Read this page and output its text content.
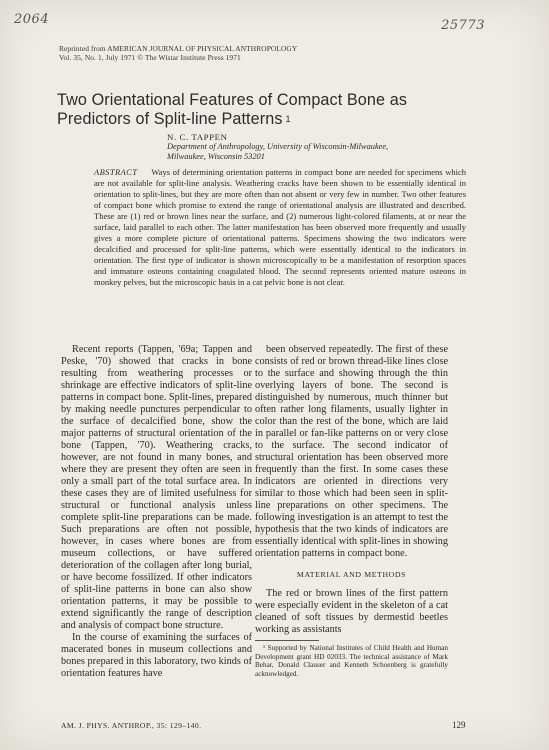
2064	25773
Reprinted from AMERICAN JOURNAL OF PHYSICAL ANTHROPOLOGY
Vol. 35, No. 1, July 1971 © The Wistar Institute Press 1971
Two Orientational Features of Compact Bone as
Predictors of Split-line Patterns $^1$
N. C. TAPPEN
Department of Anthropology, University of Wisconsin-Milwaukee,
Milwaukee, Wisconsin 53201

ABSTRACT Ways of determining orientation patterns in compact bone are needed for specimens which are not available for split-line analysis. Weathering cracks have been shown to be essentially identical in orientation to split-lines, but they are more often than not absent or very few in number. Two other features of compact bone which promise to extend the range of orientational analysis are illustrated and described. These are (1) red or brown lines near the surface, and (2) numerous light-colored filaments, at or near the surface, laid parallel to each other. The latter manifestation has been observed more frequently and usually gives a more complete picture of orientational patterns. Specimens showing the two indicators were decalcified and processed for split-line patterns, which were essentially identical to the indicators in orientation. The first type of indicator is shown microscopically to be a manifestation of resorption spaces and immature osteons containing coagulated blood. The second represents oriented mature osteons in monkey pelves, but the microscopic basis in a cat pelvic bone is not clear.

Recent reports (Tappen, '69a; Tappen and Peske, '70) showed that cracks in bone resulting from weathering processes or shrinkage are effective indicators of split-line patterns in compact bone. Split-lines, prepared by making needle punctures perpendicular to the surface of decalcified bone, show the major patterns of structural orientation of the bone (Tappen, '70). Weathering cracks, however, are not found in many bones, and where they are present they often are seen in only a small part of the total surface area. In these cases they are of limited usefulness for structural or functional analysis unless complete split-line preparations can be made. Such preparations are often not possible, however, in cases where bones are from museum collections, or have suffered deterioration of the collagen after long burial, or have become fossilized. If other indicators of split-line patterns in bone can also show orientation patterns, it may be possible to extend significantly the range of description and analysis of compact bone structure.

In the course of examining the surfaces of macerated bones in museum collections and bones prepared in this laboratory, two kinds of orientation features have

been observed repeatedly. The first of these consists of red or brown thread-like lines close to the surface and showing through the thin overlying layers of bone. The second is distinguished by numerous, much thinner but often rather long filaments, usually lighter in color than the rest of the bone, which are laid in parallel or fan-like patterns on or very close to the surface. The second indicator of structural orientation has been observed more frequently than the first. In some cases these indicators are oriented in directions very similar to those which had been seen in split-line preparations on other specimens. The following investigation is an attempt to test the hypothesis that the two kinds of indicators are essentially identical with split-lines in showing orientation patterns in compact bone.

MATERIAL AND METHODS

The red or brown lines of the first pattern were especially evident in the skeleton of a cat cleaned of soft tissues by dermestid beetles working as assistants

¹ Supported by National Institutes of Child Health and Human Development grant HD 02033. The technical assistance of Mark Behar, Donald Clauser and Kenneth Schoenberg is gratefully acknowledged.

AM. J. PHYS. ANTHROP., 35: 129–140.	129
